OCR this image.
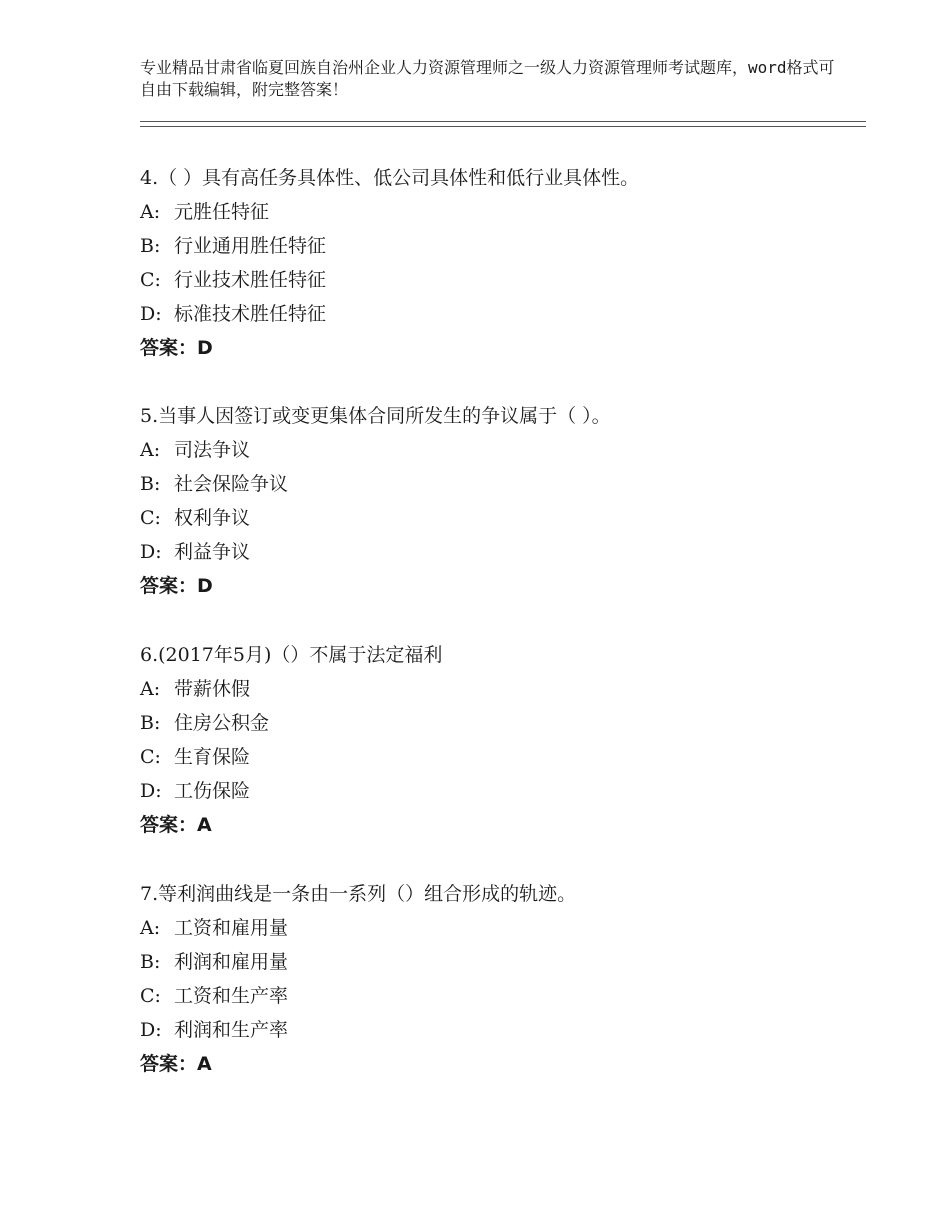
专业精品甘肃省临夏回族自治州企业人力资源管理师之一级人力资源管理师考试题库，word格式可自由下载编辑，附完整答案！
4.（ ）具有高任务具体性、低公司具体性和低行业具体性。
A: 元胜任特征
B: 行业通用胜任特征
C: 行业技术胜任特征
D: 标准技术胜任特征
答案：D
5.当事人因签订或变更集体合同所发生的争议属于（ ）。
A: 司法争议
B: 社会保险争议
C: 权利争议
D: 利益争议
答案：D
6.(2017年5月)（）不属于法定福利
A: 带薪休假
B: 住房公积金
C: 生育保险
D: 工伤保险
答案：A
7.等利润曲线是一条由一系列（）组合形成的轨迹。
A: 工资和雇用量
B: 利润和雇用量
C: 工资和生产率
D: 利润和生产率
答案：A
